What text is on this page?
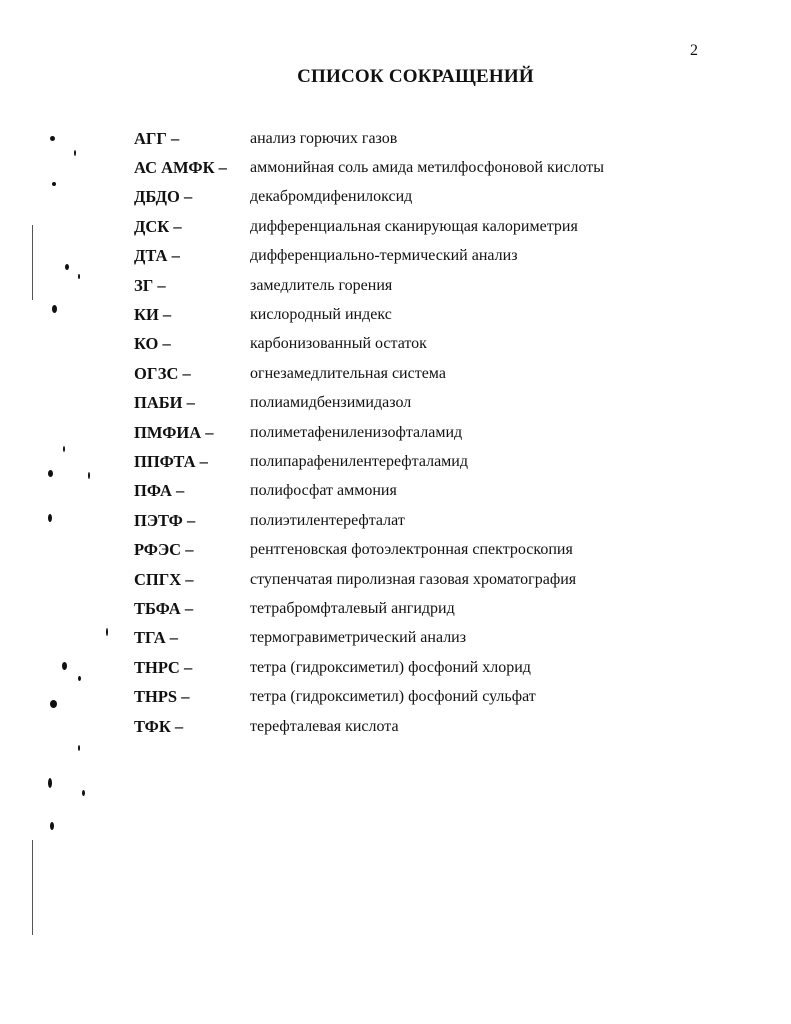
2
СПИСОК СОКРАЩЕНИЙ
АГГ –	анализ горючих газов
АС АМФК –	аммонийная соль амида метилфосфоновой кислоты
ДБДО –	декабромдифенилоксид
ДСК –	дифференциальная сканирующая калориметрия
ДТА –	дифференциально-термический анализ
ЗГ –	замедлитель горения
КИ –	кислородный индекс
КО –	карбонизованный остаток
ОГЗС –	огнезамедлительная система
ПАБИ –	полиамидбензимидазол
ПМФИА –	полиметафениленизофталамид
ППФТА –	полипарафенилентерефталамид
ПФА –	полифосфат аммония
ПЭТФ –	полиэтилентерефталат
РФЭС –	рентгеновская фотоэлектронная спектроскопия
СПГХ –	ступенчатая пиролизная газовая хроматография
ТБФА –	тетрабромфталевый ангидрид
ТГА –	термогравиметрический анализ
THPC –	тетра (гидроксиметил) фосфоний хлорид
THPS –	тетра (гидроксиметил) фосфоний сульфат
ТФК –	терефталевая кислота
